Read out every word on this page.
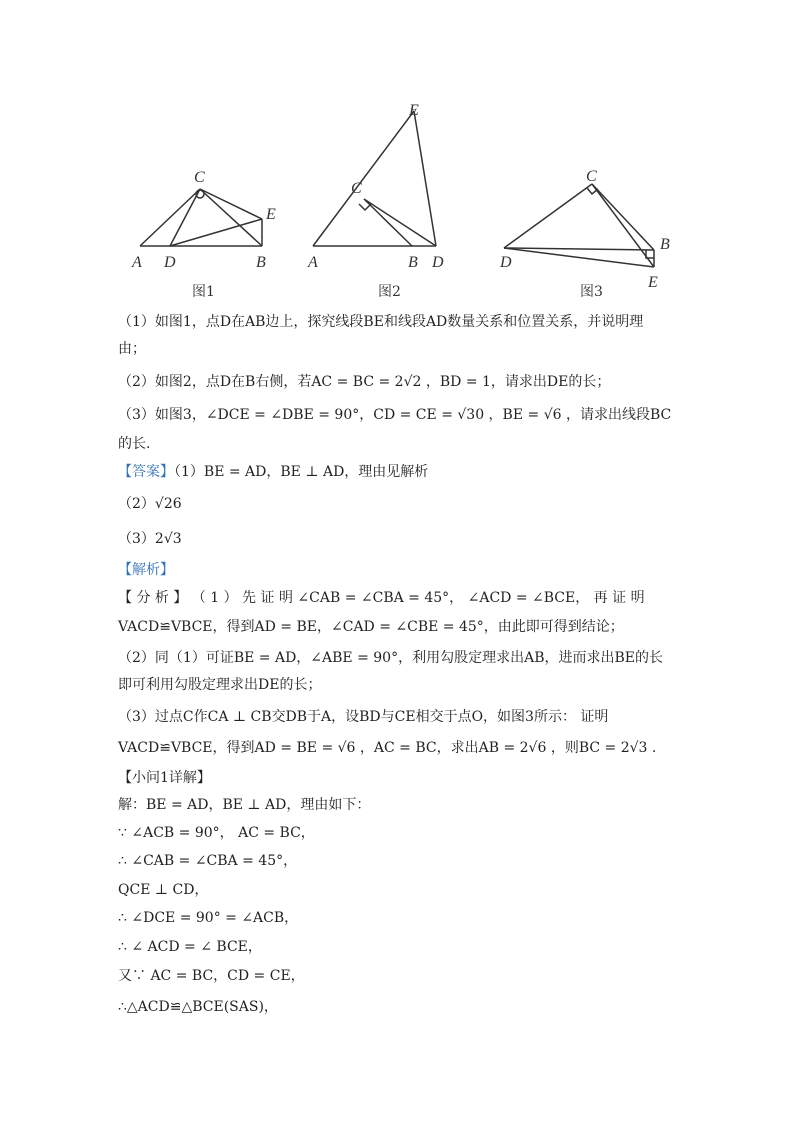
A D	B
C
E
图1
A	B D
C
E
图2
D
C
B
E
图3
（1）如图1，点D在AB边上，探究线段BE和线段AD数量关系和位置关系，并说明理
由；
（2）如图2，点D在B右侧，若AC = BC = 2√2 ，BD = 1，请求出DE的长；
（3）如图3，∠DCE = ∠DBE = 90°，CD = CE = √30 ，BE = √6 ，请求出线段BC
的长.
【答案】（1）BE = AD，BE ⊥ AD，理由见解析
（2）√26
（3）2√3
【解析】
【 分 析 】 （ 1 ） 先 证 明 ∠CAB = ∠CBA = 45°， ∠ACD = ∠BCE， 再 证 明
VACD≌VBCE，得到AD = BE，∠CAD = ∠CBE = 45°，由此即可得到结论；
（2）同（1）可证BE = AD，∠ABE = 90°，利用勾股定理求出AB，进而求出BE的长
即可利用勾股定理求出DE的长；
（3）过点C作CA ⊥ CB交DB于A，设BD与CE相交于点O，如图3所示： 证明
VACD≌VBCE，得到AD = BE = √6 ，AC = BC，求出AB = 2√6 ，则BC = 2√3 .
【小问1详解】
解：BE = AD，BE ⊥ AD，理由如下：
∵ ∠ACB = 90°， AC = BC，
∴ ∠CAB = ∠CBA = 45°，
QCE ⊥ CD，
∴ ∠DCE = 90° = ∠ACB，
∴ ∠ ACD = ∠ BCE，
又∵ AC = BC，CD = CE，
∴△ACD≌△BCE(SAS)，
